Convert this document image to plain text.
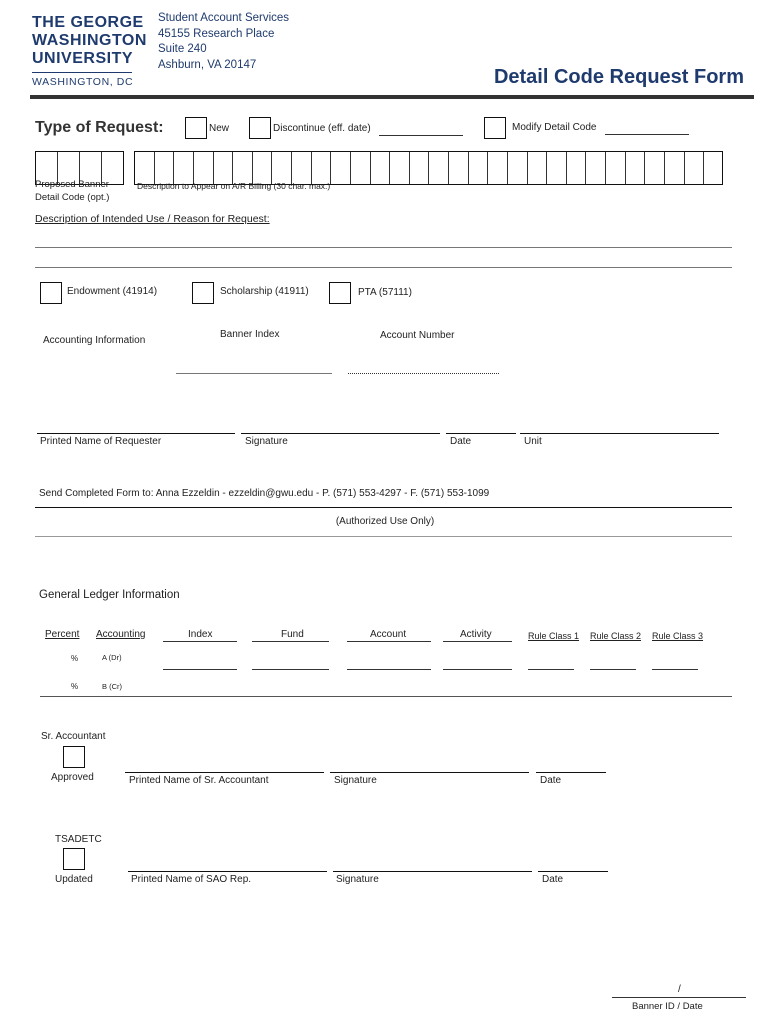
THE GEORGE
WASHINGTON
UNIVERSITY
WASHINGTON, DC
Student Account Services
45155 Research Place
Suite 240
Ashburn, VA 20147
Detail Code Request Form
Type of Request:	New	Discontinue (eff. date)	Modify Detail Code
Proposed Banner
Detail Code (opt.)
Description to Appear on A/R Billing (30 char. max.)
Description of Intended Use / Reason for Request:
Endowment (41914)	Scholarship (41911)	PTA (57111)
Accounting Information
Banner Index	Account Number
Printed Name of Requester	Signature	Date	Unit
Send Completed Form to: Anna Ezzeldin - ezzeldin@gwu.edu - P. (571) 553-4297 - F. (571) 553-1099
(Authorized Use Only)
General Ledger Information
Percent Accounting	Index	Fund	Account	Activity	Rule Class 1 Rule Class 2 Rule Class 3
%	A (Dr)
%	B (Cr)
Sr. Accountant
Approved	Printed Name of Sr. Accountant	Signature	Date
TSADETC
Updated	Printed Name of SAO Rep.	Signature	Date
/
Banner ID / Date
